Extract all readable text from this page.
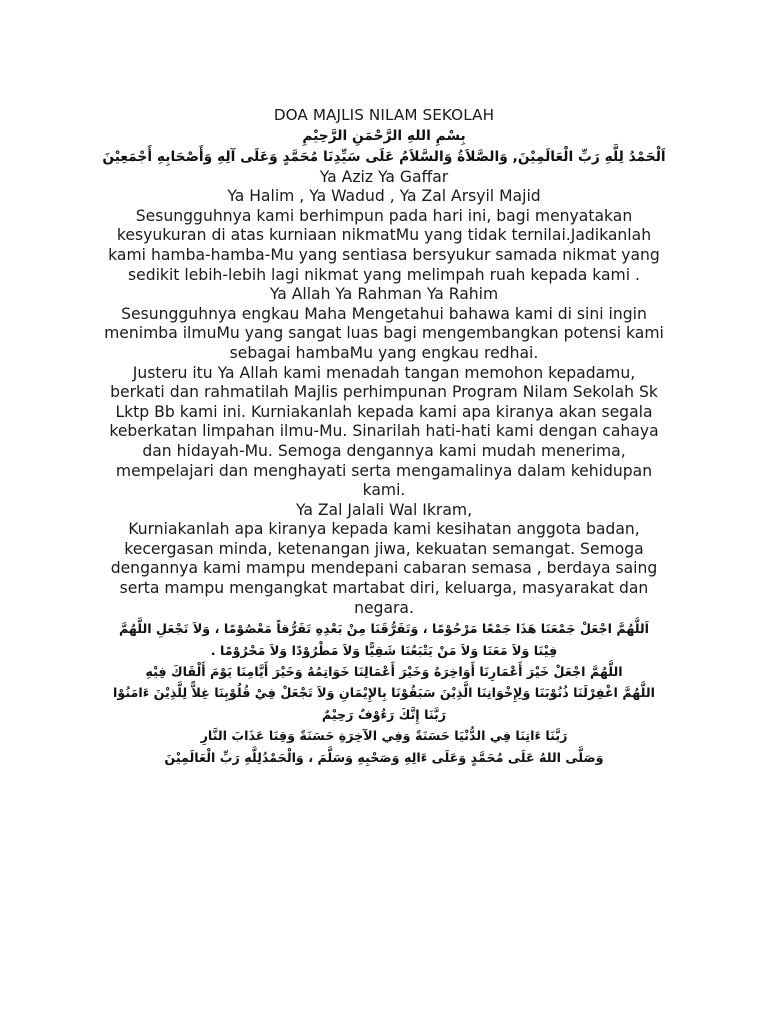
DOA MAJLIS NILAM SEKOLAH
بِسْمِ اللهِ الرَّحْمَنِ الرَّحِيْمِ
اَلْحَمْدُ لِلَّهِ رَبِّ الْعَالَمِيْنَ, وَالصَّلاَةُ وَالسَّلاَمُ عَلَى سَيِّدِنَا مُحَمَّدٍ وَعَلَى آلِهِ وَأَصْحَابِهِ أَجْمَعِيْنَ
Ya Aziz Ya Gaffar
Ya Halim , Ya Wadud , Ya Zal Arsyil Majid
Sesungguhnya kami berhimpun pada hari ini, bagi menyatakan
kesyukuran di atas kurniaan nikmatMu yang tidak ternilai.Jadikanlah
kami hamba-hamba-Mu yang sentiasa bersyukur samada nikmat yang
sedikit lebih-lebih lagi nikmat yang melimpah ruah kepada kami .
Ya Allah Ya Rahman Ya Rahim
Sesungguhnya engkau Maha Mengetahui bahawa kami di sini ingin
menimba ilmuMu yang sangat luas bagi mengembangkan potensi kami
sebagai hambaMu yang engkau redhai.
Justeru itu Ya Allah kami menadah tangan memohon kepadamu,
berkati dan rahmatilah Majlis perhimpunan Program Nilam Sekolah Sk
Lktp Bb kami ini. Kurniakanlah kepada kami apa kiranya akan segala
keberkatan limpahan ilmu-Mu. Sinarilah hati-hati kami dengan cahaya
dan hidayah-Mu. Semoga dengannya kami mudah menerima,
mempelajari dan menghayati serta mengamalinya dalam kehidupan
kami.
Ya Zal Jalali Wal Ikram,
Kurniakanlah apa kiranya kepada kami kesihatan anggota badan,
kecergasan minda, ketenangan jiwa, kekuatan semangat. Semoga
dengannya kami mampu mendepani cabaran semasa , berdaya saing
serta mampu mengangkat martabat diri, keluarga, masyarakat dan
negara.
اَللَّهُمَّ اجْعَلْ جَمْعَنَا هَذَا جَمْعًا مَرْحُوْمًا ، وَتَفَرُّقَنَا مِنْ بَعْدِهِ تَفَرُّقاً مَعْصُوْمًا ، وَلاَ تَجْعَلِ اللَّهُمَّ
فِيْنَا وَلاَ مَعَنَا وَلاَ مَنْ يَتْبَعُنَا شَقِيًّا وَلاَ مَطْرُوْدًا وَلاَ مَحْرُوْمًا .
اللَّهُمَّ اجْعَلْ خَيْرَ أَعْمَارِنَا أَوَاخِرَهُ وَخَيْرَ أَعْمَالِنَا خَوَاتِمُهُ وَخَيْرَ أَيَّامِنَا يَوْمَ أَلْقَاكَ فِيْهِ
اللَّهُمَّ اغْفِرْلَنَا ذُنُوْبَنَا وَلِإِخْوَانِنَا الَّذِيْنَ سَبَقُوْنَا بِالإِيْمَانِ وَلاَ تَجْعَلْ فِيْ قُلُوْبِنَا غِلاًّ لِلَّذِيْنَ ءَامَنُوْا
رَبَّنَا إِنَّكَ رَءُوْفٌ رَحِيْمٌ
رَبَّنَا ءَاتِنَا فِي الدُّنْيَا حَسَنَةً وَفِي الآخِرَةِ حَسَنَةً وَقِنَا عَذَابَ النَّارِ
وَصَلَّى اللهُ عَلَى مُحَمَّدٍ وَعَلَى ءَالِهِ وَصَحْبِهِ وَسَلَّمَ ، وَالْحَمْدُلِلَّهِ رَبِّ الْعَالَمِيْنَ
